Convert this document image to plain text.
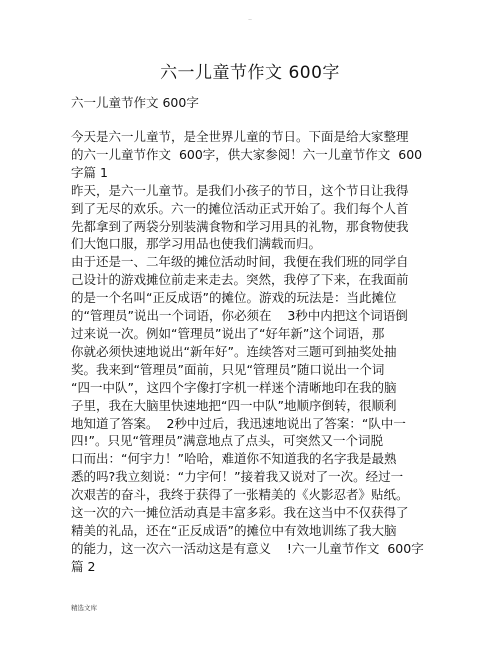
··
六一儿童节作文 600字
六一儿童节作文 600字
今天是六一儿童节，是全世界儿童的节日。下面是给大家整理
的六一儿童节作文  600字，供大家参阅！六一儿童节作文  600
字篇 1
昨天，是六一儿童节。是我们小孩子的节日，这个节日让我得
到了无尽的欢乐。六一的摊位活动正式开始了。我们每个人首
先都拿到了两袋分别装满食物和学习用具的礼物，那食物使我
们大饱口服，那学习用品也使我们满载而归。
由于还是一、二年级的摊位活动时间，我便在我们班的同学自
己设计的游戏摊位前走来走去。突然，我停了下来，在我面前
的是一个名叫“正反成语”的摊位。游戏的玩法是：当此摊位
的“管理员”说出一个词语，你必须在    3秒中内把这个词语倒
过来说一次。例如“管理员”说出了“好年新”这个词语，那
你就必须快速地说出“新年好”。连续答对三题可到抽奖处抽
奖。我来到“管理员”面前，只见“管理员”随口说出一个词
“四一中队”，这四个字像打字机一样迷个清晰地印在我的脑
子里，我在大脑里快速地把“四一中队”地顺序倒转，很顺利
地知道了答案。  2秒中过后，我迅速地说出了答案：“队中一
四!”。只见“管理员”满意地点了点头，可突然又一个词脱
口而出：“何宇力！”哈哈，难道你不知道我的名字我是最熟
悉的吗?我立刻说：“力宇何！”接着我又说对了一次。经过一
次艰苦的奋斗，我终于获得了一张精美的《火影忍者》贴纸。
这一次的六一摊位活动真是丰富多彩。我在这当中不仅获得了
精美的礼品，还在“正反成语”的摊位中有效地训练了我大脑
的能力，这一次六一活动这是有意义    !六一儿童节作文  600字
篇 2
精选文库
